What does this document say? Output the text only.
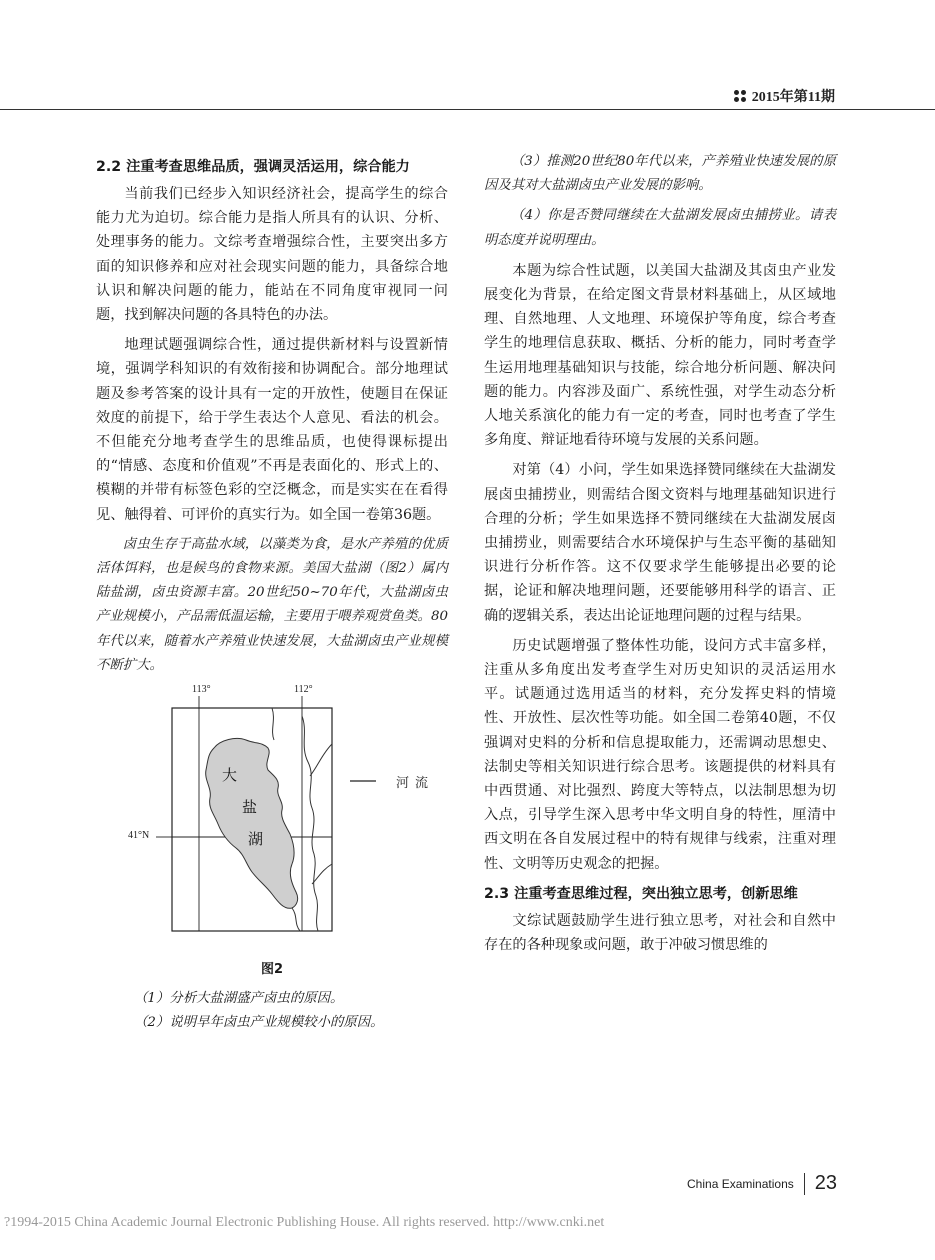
2015年第11期
2.2 注重考查思维品质，强调灵活运用，综合能力

当前我们已经步入知识经济社会，提高学生的综合能力尤为迫切。综合能力是指人所具有的认识、分析、处理事务的能力。文综考查增强综合性，主要突出多方面的知识修养和应对社会现实问题的能力，具备综合地认识和解决问题的能力，能站在不同角度审视同一问题，找到解决问题的各具特色的办法。

地理试题强调综合性，通过提供新材料与设置新情境，强调学科知识的有效衔接和协调配合。部分地理试题及参考答案的设计具有一定的开放性，使题目在保证效度的前提下，给于学生表达个人意见、看法的机会。不但能充分地考查学生的思维品质，也使得课标提出的“情感、态度和价值观”不再是表面化的、形式上的、模糊的并带有标签色彩的空泛概念，而是实实在在看得见、触得着、可评价的真实行为。如全国一卷第36题。

卤虫生存于高盐水域，以藻类为食，是水产养殖的优质活体饵料，也是候鸟的食物来源。美国大盐湖（图2）属内陆盐湖，卤虫资源丰富。20世纪50~70年代，大盐湖卤虫产业规模小，产品需低温运输，主要用于喂养观赏鱼类。80年代以来，随着水产养殖业快速发展，大盐湖卤虫产业规模不断扩大。

113°	112°
41°N
大
盐
湖
河流
图2

（1）分析大盐湖盛产卤虫的原因。

（2）说明早年卤虫产业规模较小的原因。

（3）推测20世纪80年代以来，产养殖业快速发展的原因及其对大盐湖卤虫产业发展的影响。

（4）你是否赞同继续在大盐湖发展卤虫捕捞业。请表明态度并说明理由。

本题为综合性试题，以美国大盐湖及其卤虫产业发展变化为背景，在给定图文背景材料基础上，从区域地理、自然地理、人文地理、环境保护等角度，综合考查学生的地理信息获取、概括、分析的能力，同时考查学生运用地理基础知识与技能，综合地分析问题、解决问题的能力。内容涉及面广、系统性强，对学生动态分析人地关系演化的能力有一定的考查，同时也考查了学生多角度、辩证地看待环境与发展的关系问题。

对第（4）小问，学生如果选择赞同继续在大盐湖发展卤虫捕捞业，则需结合图文资料与地理基础知识进行合理的分析；学生如果选择不赞同继续在大盐湖发展卤虫捕捞业，则需要结合水环境保护与生态平衡的基础知识进行分析作答。这不仅要求学生能够提出必要的论据，论证和解决地理问题，还要能够用科学的语言、正确的逻辑关系，表达出论证地理问题的过程与结果。

历史试题增强了整体性功能，设问方式丰富多样，注重从多角度出发考查学生对历史知识的灵活运用水平。试题通过选用适当的材料，充分发挥史料的情境性、开放性、层次性等功能。如全国二卷第40题，不仅强调对史料的分析和信息提取能力，还需调动思想史、法制史等相关知识进行综合思考。该题提供的材料具有中西贯通、对比强烈、跨度大等特点，以法制思想为切入点，引导学生深入思考中华文明自身的特性，厘清中西文明在各自发展过程中的特有规律与线索，注重对理性、文明等历史观念的把握。

2.3 注重考查思维过程，突出独立思考，创新思维

文综试题鼓励学生进行独立思考，对社会和自然中存在的各种现象或问题，敢于冲破习惯思维的

China Examinations 23
?1994-2015 China Academic Journal Electronic Publishing House. All rights reserved. http://www.cnki.net
